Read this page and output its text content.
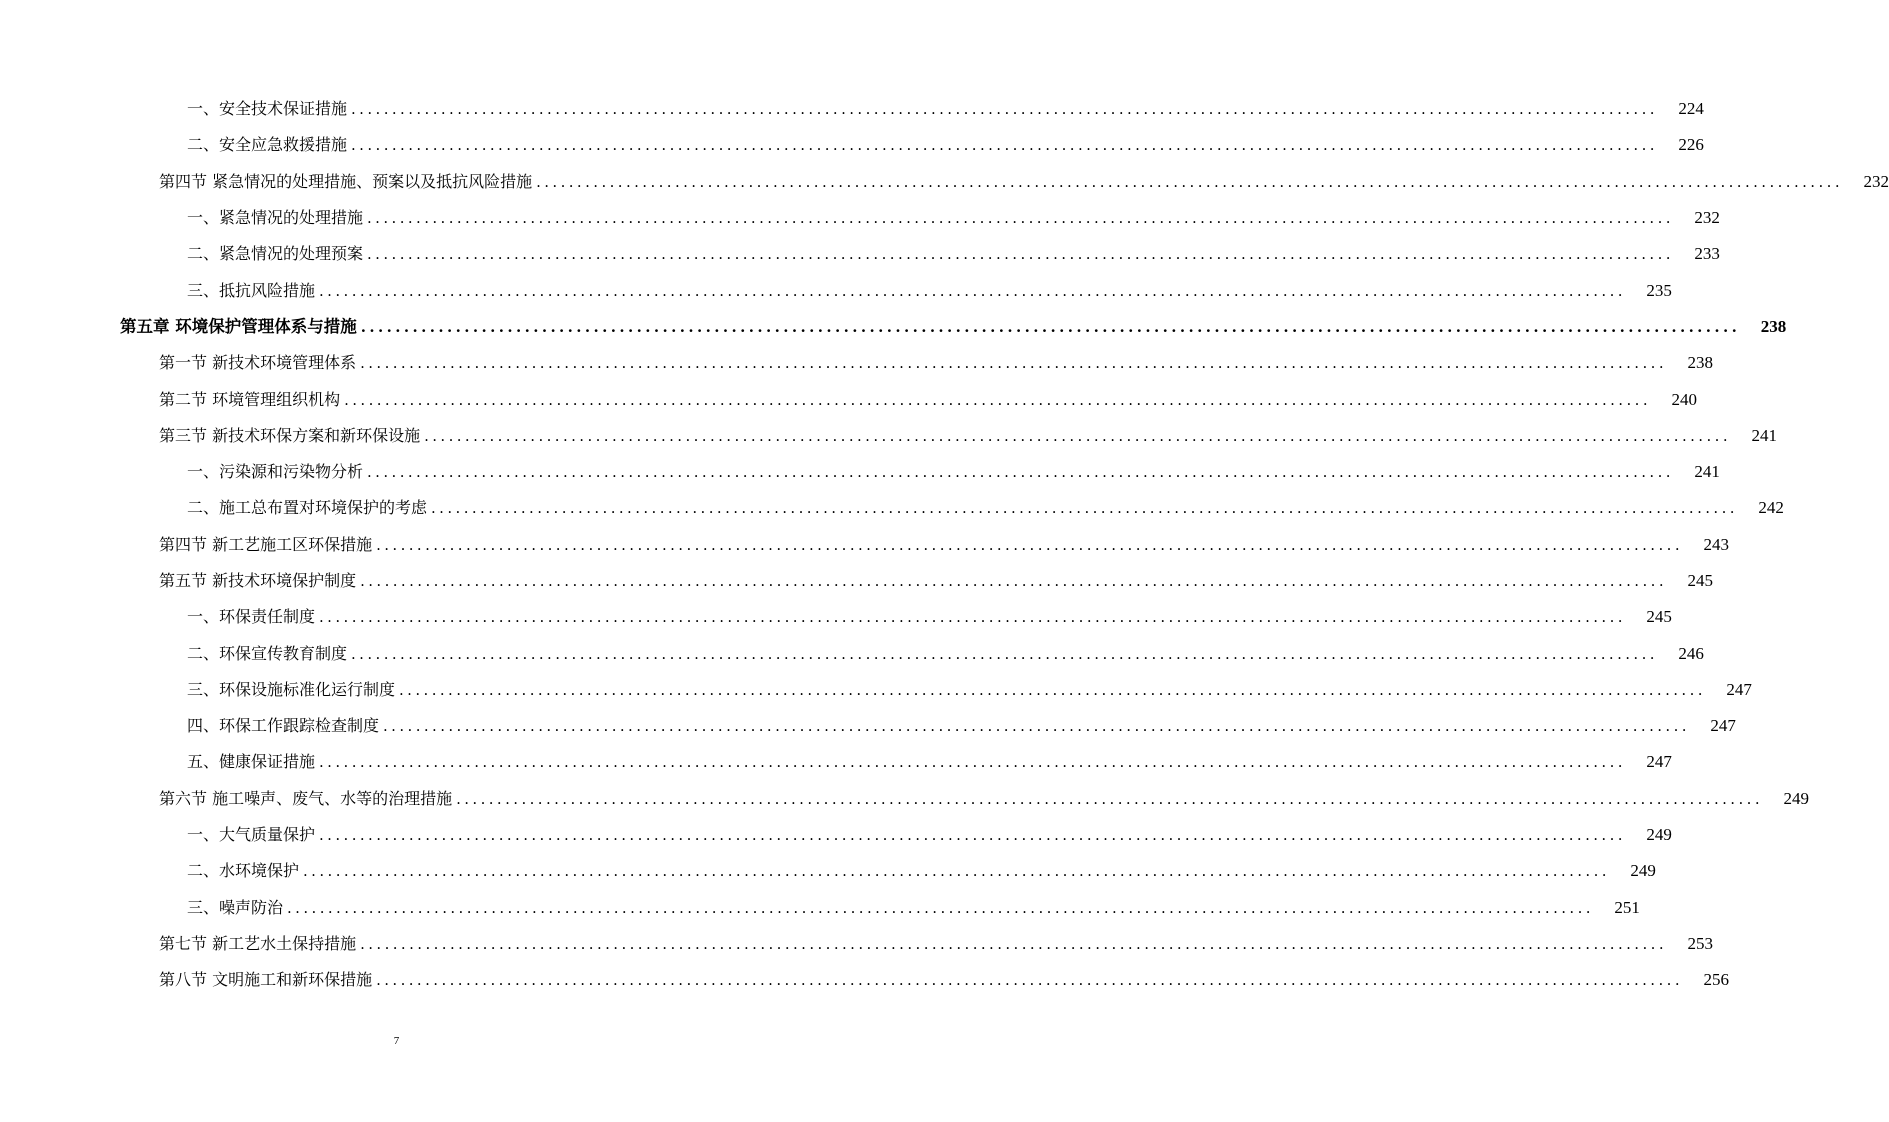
一、安全技术保证措施 ................................................................................................................................................................	224
二、安全应急救援措施 ................................................................................................................................................................	226
第四节 紧急情况的处理措施、预案以及抵抗风险措施 ................................................................................................................................................................	232
一、紧急情况的处理措施 ................................................................................................................................................................	232
二、紧急情况的处理预案 ................................................................................................................................................................	233
三、抵抗风险措施 ................................................................................................................................................................	235
第五章 环境保护管理体系与措施 ................................................................................................................................................................	238
第一节 新技术环境管理体系 ................................................................................................................................................................	238
第二节 环境管理组织机构 ................................................................................................................................................................	240
第三节 新技术环保方案和新环保设施 ................................................................................................................................................................	241
一、污染源和污染物分析 ................................................................................................................................................................	241
二、施工总布置对环境保护的考虑 ................................................................................................................................................................	242
第四节 新工艺施工区环保措施 ................................................................................................................................................................	243
第五节 新技术环境保护制度 ................................................................................................................................................................	245
一、环保责任制度 ................................................................................................................................................................	245
二、环保宣传教育制度 ................................................................................................................................................................	246
三、环保设施标准化运行制度 ................................................................................................................................................................	247
四、环保工作跟踪检查制度 ................................................................................................................................................................	247
五、健康保证措施 ................................................................................................................................................................	247
第六节 施工噪声、废气、水等的治理措施 ................................................................................................................................................................	249
一、大气质量保护 ................................................................................................................................................................	249
二、水环境保护 ................................................................................................................................................................	249
三、噪声防治 ................................................................................................................................................................	251
第七节 新工艺水土保持措施 ................................................................................................................................................................	253
第八节 文明施工和新环保措施 ................................................................................................................................................................	256
7
